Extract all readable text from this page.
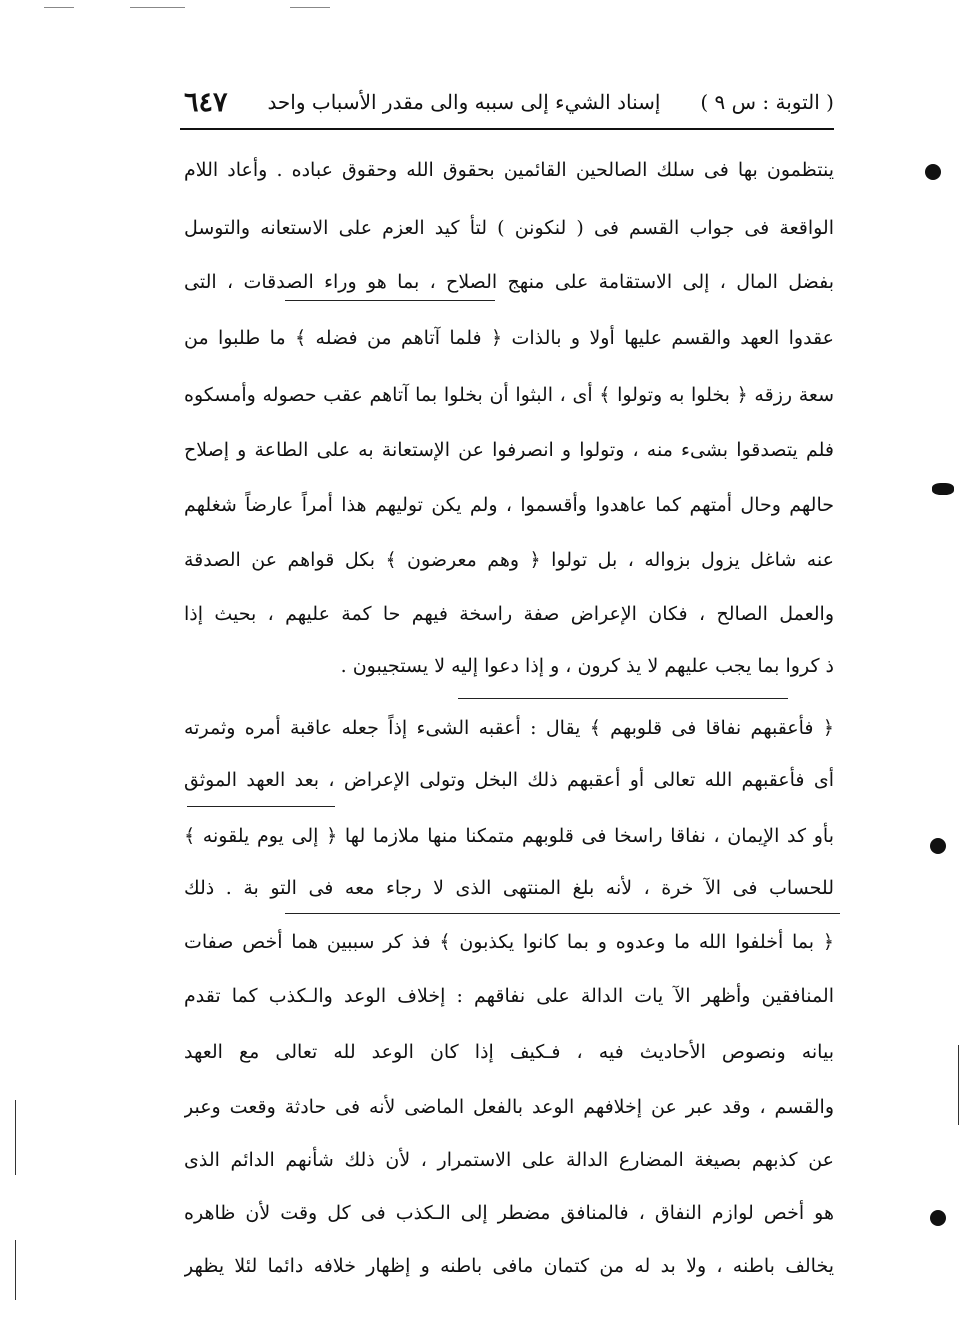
( التوبة : س ٩ )
إسناد الشيء إلى سببه والى مقدر الأسباب واحد
٦٤٧
ينتظمون بها فى سلك الصالحين القائمين بحقوق الله وحقوق عباده . وأعاد اللام
الواقعة فى جواب القسم فى ( لنكونن ) لتأ كيد العزم على الاستعانه والتوسل
بفضل المال ، إلى الاستقامة على منهج الصلاح ، بما هو وراء الصدقات ، التى
عقدوا العهد والقسم عليها أولا و بالذات ﴿ فلما آتاهم من فضله ﴾ ما طلبوا من
سعة رزقه ﴿ بخلوا به وتولوا ﴾ أى ، البثوا أن بخلوا بما آتاهم عقب حصوله وأمسكوه
فلم يتصدقوا بشىء منه ، وتولوا و انصرفوا عن الإستعانة به على الطاعة و إصلاح
حالهم وحال أمتهم كما عاهدوا وأقسموا ، ولم يكن توليهم هذا أمراً عارضاً شغلهم
عنه شاغل يزول بزواله ، بل تولوا ﴿ وهم معرضون ﴾ بكل قواهم عن الصدقة
والعمل الصالح ، فكان الإعراض صفة راسخة فيهم حا كمة عليهم ، بحيث إذا
ذ كروا بما يجب عليهم لا يذ كرون ، و إذا دعوا إليه لا يستجيبون .
﴿ فأعقبهم نفاقا فى قلوبهم ﴾ يقال : أعقبه الشىء إذاً جعله عاقبة أمره وثمرته
أى فأعقبهم الله تعالى أو أعقبهم ذلك البخل وتولى الإعراض ، بعد العهد الموثق
بأو كد الإيمان ، نفاقا راسخا فى قلوبهم متمكنا منها ملازما لها ﴿ إلى يوم يلقونه ﴾
للحساب فى الآ خرة ، لأنه بلغ المنتهى الذى لا رجاء معه فى التو بة . ذلك
﴿ بما أخلفوا الله ما وعدوه و بما كانوا يكذبون ﴾ فذ كر سببين هما أخص صفات
المنافقين وأظهر الآ يات الدالة على نفاقهم : إخلاف الوعد والـكذب كما تقدم
بيانه ونصوص الأحاديث فيه ، فـكيف إذا كان الوعد لله تعالى مع العهد
والقسم ، وقد عبر عن إخلافهم الوعد بالفعل الماضى لأنه فى حادثة وقعت وعبر
عن كذبهم بصيغة المضارع الدالة على الاستمرار ، لأن ذلك شأنهم الدائم الذى
هو أخص لوازم النفاق ، فالمنافق مضطر إلى الـكذب فى كل وقت لأن ظاهره
يخالف باطنه ، ولا بد له من كتمان مافى باطنه و إظهار خلافه دائما لئلا يظهر
